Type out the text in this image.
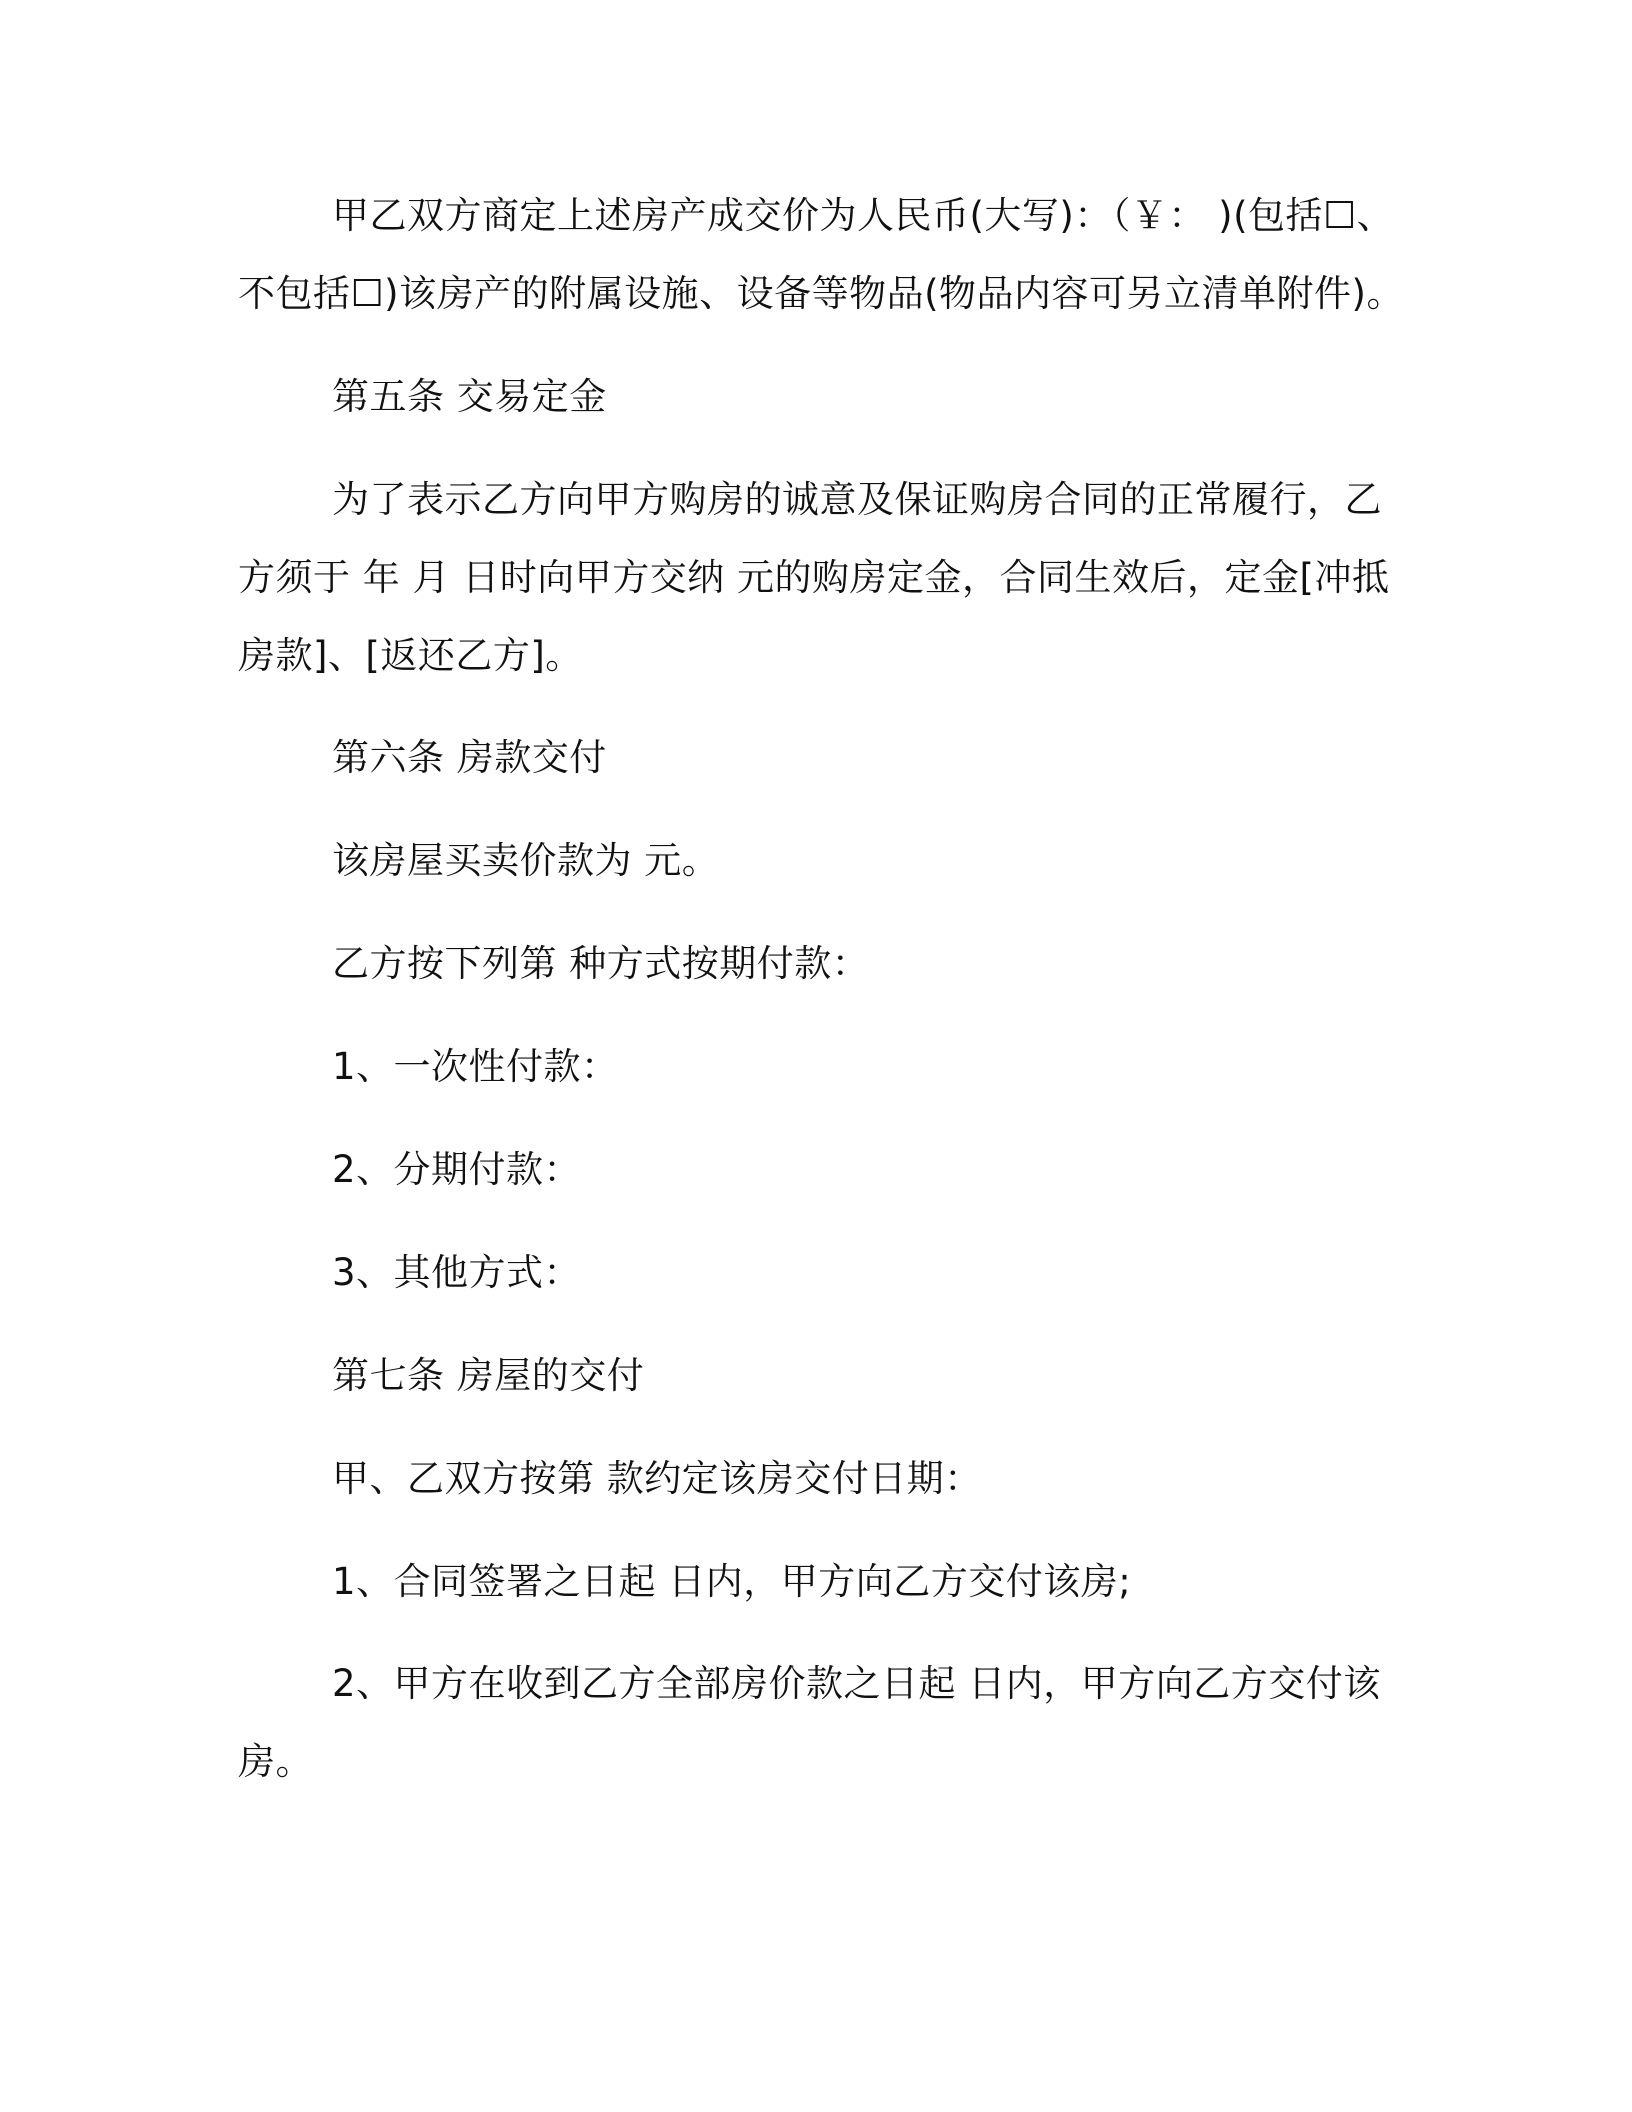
甲乙双方商定上述房产成交价为人民币(大写)：（￥： )(包括☐、

不包括☐)该房产的附属设施、设备等物品(物品内容可另立清单附件)。

第五条 交易定金

为了表示乙方向甲方购房的诚意及保证购房合同的正常履行，乙

方须于 年 月 日时向甲方交纳 元的购房定金，合同生效后，定金[冲抵

房款]、[返还乙方]。

第六条 房款交付

该房屋买卖价款为 元。

乙方按下列第 种方式按期付款：

1、一次性付款：

2、分期付款：

3、其他方式：

第七条 房屋的交付

甲、乙双方按第 款约定该房交付日期：

1、合同签署之日起 日内，甲方向乙方交付该房;

2、甲方在收到乙方全部房价款之日起 日内，甲方向乙方交付该

房。
